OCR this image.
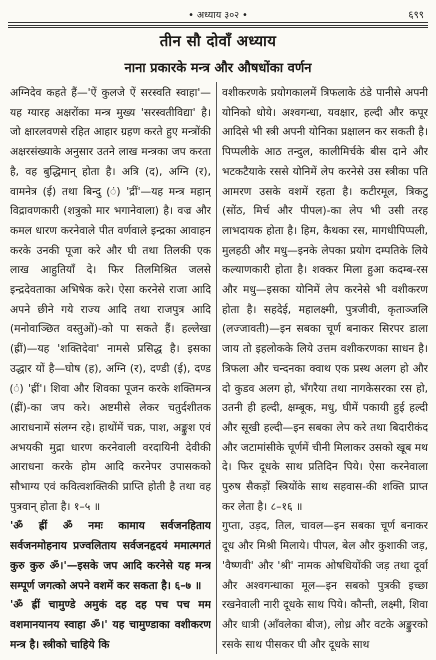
• अध्याय ३०२ •	६९९
तीन सौ दोवाँ अध्याय
नाना प्रकारके मन्त्र और औषधोंका वर्णन

अग्निदेव कहते हैं—'ऐं कुलजे ऐं सरस्वति स्वाहा'—यह ग्यारह अक्षरोंका मन्त्र मुख्य 'सरस्वतीविद्या' है। जो क्षारलवणसे रहित आहार ग्रहण करते हुए मन्त्रोंकी अक्षरसंख्याके अनुसार उतने लाख मन्त्रका जप करता है, वह बुद्धिमान् होता है। अत्रि (द), अग्नि (र), वामनेत्र (ई) तथा बिन्दु (ं) 'द्रीं'—यह मन्त्र महान् विद्रावणकारी (शत्रुको मार भगानेवाला) है। वज्र और कमल धारण करनेवाले पीत वर्णवाले इन्द्रका आवाहन करके उनकी पूजा करे और घी तथा तिलकी एक लाख आहुतियाँ दे। फिर तिलमिश्रित जलसे इन्द्रदेवताका अभिषेक करे। ऐसा करनेसे राजा आदि अपने छीने गये राज्य आदि तथा राजपुत्र आदि (मनोवाञ्छित वस्तुओं)-को पा सकते हैं। हल्लेखा (ह्रीं)—यह 'शक्तिदेवा' नामसे प्रसिद्ध है। इसका उद्धार यों है—घोष (ह), अग्नि (र), दण्डी (ई), दण्ड (ं) 'ह्रीं'। शिवा और शिवका पूजन करके शक्तिमन्त्र (ह्रीं)-का जप करे। अष्टमीसे लेकर चतुर्दशीतक आराधनामें संलग्न रहे। हाथोंमें चक्र, पाश, अङ्कुश एवं अभयकी मुद्रा धारण करनेवाली वरदायिनी देवीकी आराधना करके होम आदि करनेपर उपासकको सौभाग्य एवं कवित्वशक्तिकी प्राप्ति होती है तथा वह पुत्रवान् होता है। १–५ ॥

'ॐ ह्रीं ॐ नमः कामाय सर्वजनहिताय सर्वजनमोहनाय प्रज्वलिताय सर्वजनहृदयं ममात्मगतं कुरु कुरु ॐ।'—इसके जप आदि करनेसे यह मन्त्र सम्पूर्ण जगत्को अपने वशमें कर सकता है। ६–७ ॥

'ॐ ह्रीं चामुण्डे अमुकं दह दह पच पच मम वशमानयानय स्वाहा ॐ।' यह चामुण्डाका वशीकरण मन्त्र है। स्त्रीको चाहिये कि

वशीकरणके प्रयोगकालमें त्रिफलाके ठंडे पानीसे अपनी योनिको धोये। अश्वगन्धा, यवक्षार, हल्दी और कपूर आदिसे भी स्त्री अपनी योनिका प्रक्षालन कर सकती है। पिप्पलीके आठ तन्दुल, कालीमिर्चके बीस दाने और भटकटैयाके रससे योनिमें लेप करनेसे उस स्त्रीका पति आमरण उसके वशमें रहता है। कटीरमूल, त्रिकटु (सोंठ, मिर्च और पीपल)-का लेप भी उसी तरह लाभदायक होता है। हिम, कैथका रस, मागधीपिप्पली, मुलहठी और मधु—इनके लेपका प्रयोग दम्पतिके लिये कल्याणकारी होता है। शक्कर मिला हुआ कदम्ब-रस और मधु—इसका योनिमें लेप करनेसे भी वशीकरण होता है। सहदेई, महालक्ष्मी, पुत्रजीवी, कृताञ्जलि (लज्जावती)—इन सबका चूर्ण बनाकर सिरपर डाला जाय तो इहलोकके लिये उत्तम वशीकरणका साधन है। त्रिफला और चन्दनका क्वाथ एक प्रस्थ अलग हो और दो कुडव अलग हो, भँगरैया तथा नागकेसरका रस हो, उतनी ही हल्दी, क्षम्बूक, मधु, घीमें पकायी हुई हल्दी और सूखी हल्दी—इन सबका लेप करे तथा बिदारीकंद और जटामांसीके चूर्णमें चीनी मिलाकर उसको खूब मथ दे। फिर दूधके साथ प्रतिदिन पिये। ऐसा करनेवाला पुरुष सैकड़ों स्त्रियोंके साथ सहवास-की शक्ति प्राप्त कर लेता है। ८–१६ ॥

गुप्ता, उड़द, तिल, चावल—इन सबका चूर्ण बनाकर दूध और मिश्री मिलाये। पीपल, बेल और कुशाकी जड़, 'वैष्णवी' और 'श्री' नामक ओषधियोंकी जड़ तथा दूर्वा और अश्वगन्धाका मूल—इन सबको पुत्रकी इच्छा रखनेवाली नारी दूधके साथ पिये। कौन्ती, लक्ष्मी, शिवा और धात्री (आँवलेका बीज), लोध्र और वटके अङ्कुरको रसके साथ पीसकर घी और दूधके साथ
